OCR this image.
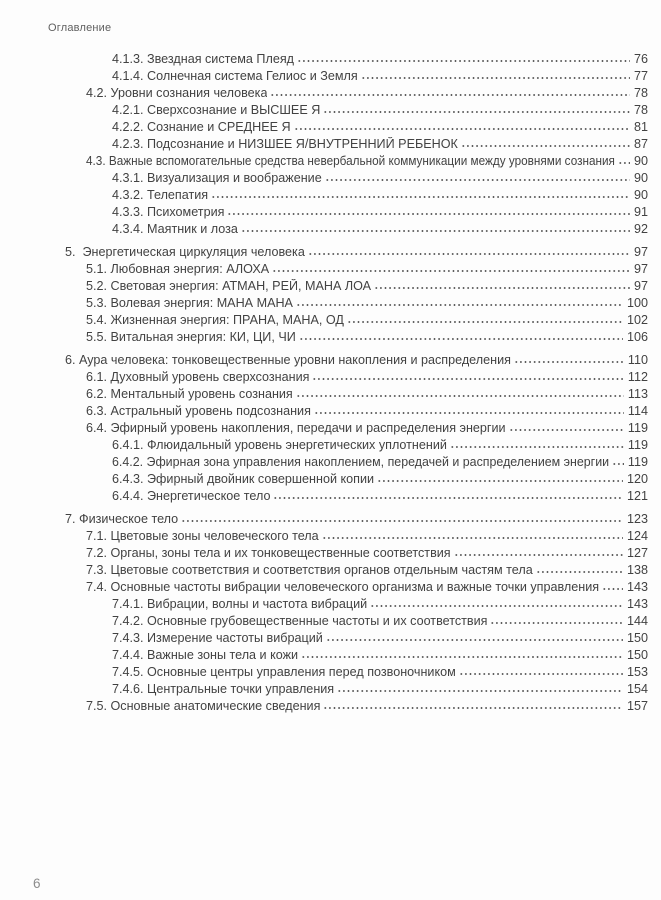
Оглавление
4.1.3. Звездная система Плеяд	76
4.1.4. Солнечная система Гелиос и Земля	77
4.2. Уровни сознания человека	78
4.2.1. Сверхсознание и ВЫСШЕЕ Я	78
4.2.2. Сознание и СРЕДНЕЕ Я	81
4.2.3. Подсознание и НИЗШЕЕ Я/ВНУТРЕННИЙ РЕБЕНОК	87
4.3. Важные вспомогательные средства невербальной коммуникации между уровнями сознания 90
4.3.1. Визуализация и воображение	90
4.3.2. Телепатия	90
4.3.3. Психометрия	91
4.3.4. Маятник и лоза	92
5.  Энергетическая циркуляция человека	97
5.1. Любовная энергия: АЛОХА	97
5.2. Световая энергия: АТМАН, РЕЙ, МАНА ЛОА	97
5.3. Волевая энергия: МАНА МАНА	100
5.4. Жизненная энергия: ПРАНА, МАНА, ОД	102
5.5. Витальная энергия: КИ, ЦИ, ЧИ	106
6. Аура человека: тонковещественные уровни накопления и распределения	110
6.1. Духовный уровень сверхсознания	112
6.2. Ментальный уровень сознания	113
6.3. Астральный уровень подсознания	114
6.4. Эфирный уровень накопления, передачи и распределения энергии	119
6.4.1. Флюидальный уровень энергетических уплотнений	119
6.4.2. Эфирная зона управления накоплением, передачей и распределением энергии 119
6.4.3. Эфирный двойник совершенной копии	120
6.4.4. Энергетическое тело	121
7. Физическое тело	123
7.1. Цветовые зоны человеческого тела	124
7.2. Органы, зоны тела и их тонковещественные соответствия	127
7.3. Цветовые соответствия и соответствия органов отдельным частям тела	138
7.4. Основные частоты вибрации человеческого организма и важные точки управления 143
7.4.1. Вибрации, волны и частота вибраций	143
7.4.2. Основные грубовещественные частоты и их соответствия	144
7.4.3. Измерение частоты вибраций	150
7.4.4. Важные зоны тела и кожи	150
7.4.5. Основные центры управления перед позвоночником	153
7.4.6. Центральные точки управления	154
7.5. Основные анатомические сведения	157
6
